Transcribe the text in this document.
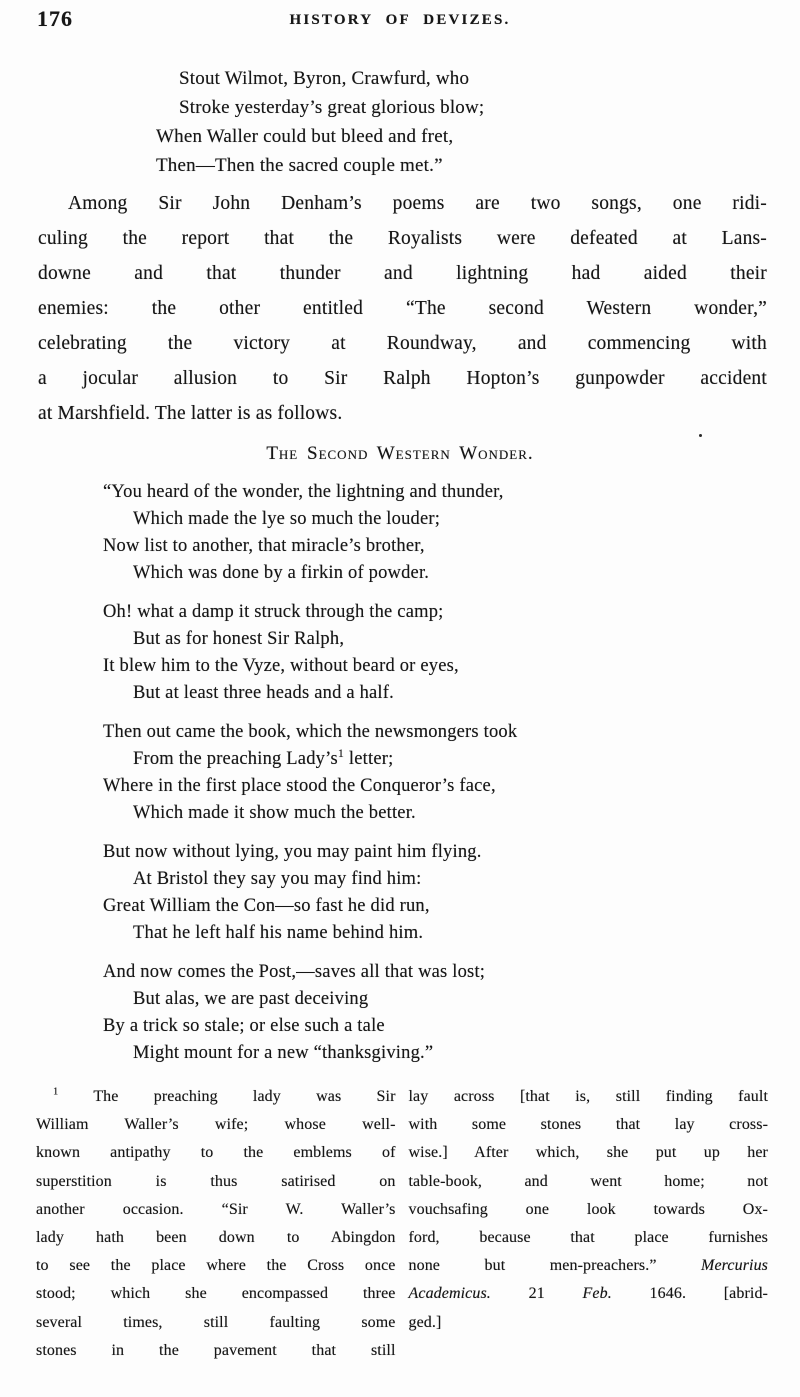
176	HISTORY OF DEVIZES.
Stout Wilmot, Byron, Crawfurd, who
Stroke yesterday’s great glorious blow;
When Waller could but bleed and fret,
Then—Then the sacred couple met.”
Among Sir John Denham’s poems are two songs, one ridi-
culing the report that the Royalists were defeated at Lans-
downe and that thunder and lightning had aided their
enemies: the other entitled “The second Western wonder,”
celebrating the victory at Roundway, and commencing with
a jocular allusion to Sir Ralph Hopton’s gunpowder accident
at Marshfield. The latter is as follows.
The Second Western Wonder.
“You heard of the wonder, the lightning and thunder,
Which made the lye so much the louder;
Now list to another, that miracle’s brother,
Which was done by a firkin of powder.
Oh! what a damp it struck through the camp;
But as for honest Sir Ralph,
It blew him to the Vyze, without beard or eyes,
But at least three heads and a half.
Then out came the book, which the newsmongers took
From the preaching Lady’s$^1$ letter;
Where in the first place stood the Conqueror’s face,
Which made it show much the better.
But now without lying, you may paint him flying.
At Bristol they say you may find him:
Great William the Con—so fast he did run,
That he left half his name behind him.
And now comes the Post,—saves all that was lost;
But alas, we are past deceiving
By a trick so stale; or else such a tale
Might mount for a new “thanksgiving.”
$^1$ The preaching lady was Sir
William Waller’s wife; whose well-
known antipathy to the emblems of
superstition is thus satirised on
another occasion. “Sir W. Waller’s
lady hath been down to Abingdon
to see the place where the Cross once
stood; which she encompassed three
several times, still faulting some
stones in the pavement that still
lay across [that is, still finding fault
with some stones that lay cross-
wise.] After which, she put up her
table-book, and went home; not
vouchsafing one look towards Ox-
ford, because that place furnishes
none but men-preachers.”	Mercurius
Academicus. 21 Feb. 1646. [abrid-
ged.]
